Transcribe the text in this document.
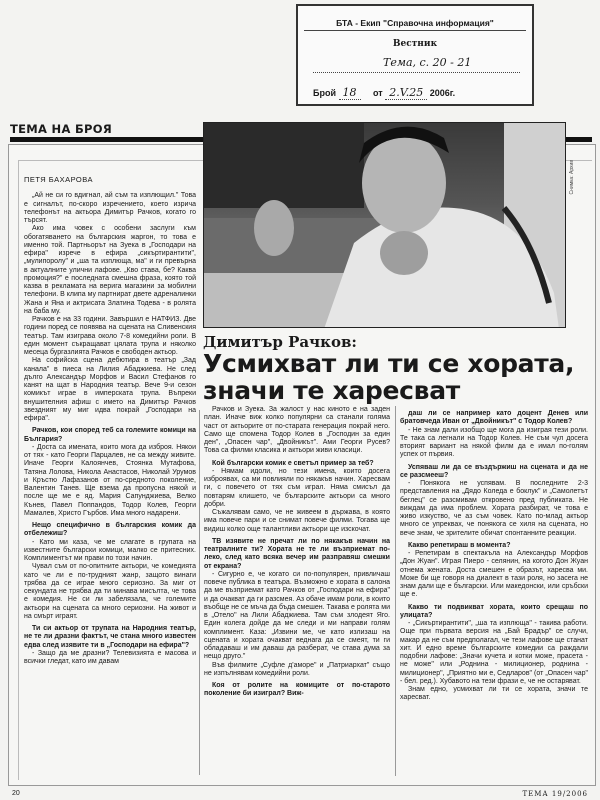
БТА - Екип "Справочна информация"
Вестник
Тема, с. 20 - 21
Брой 18 от 2.V.25 2006г.
ТЕМА НА БРОЯ
Снимка: Архив
Димитър Рачков:
Усмихват ли ти се хората, значи те харесват

ПЕТЯ БАХАРОВА

„Ай не си го вдигнал, ай съм та изплющил." Това е сигналът, по-скоро изречението, което изрича телефонът на актьора Димитър Рачков, когато го търсят.

Ако има човек с особени заслуги към обогатяването на българския жаргон, то това е именно той. Партньорът на Зуека в „Господари на ефира" изрече в ефира „сикъртирантити", „мулипоролу" и „ша та изплюща, ма" и ги превърна в актуалните улични лафове. „Кво става, бе? Каква промоция?" е последната смешна фраза, която той казва в рекламата на верига магазини за мобилни телефони. В клипа му партнират двете адреналинки Жана и Яна и актрисата Златина Тодева - в ролята на баба му.

Рачков е на 33 години. Завършил е НАТФИЗ. Две години поред се появява на сцената на Сливенския театър. Там изиграва около 7-8 комедийни роли. В един момент съкращават цялата трупа и няколко месеца бургазлията Рачков е свободен актьор.

На софийска сцена дебютира в театър „Зад канала" в пиеса на Лилия Абаджиева. Не след дълго Александър Морфов и Васил Стефанов го канят на щат в Народния театър. Вече 9-и сезон комикът играе в имперската трупа. Въпреки внушителния афиш с името на Димитър Рачков звездният му миг идва покрай „Господари на ефира".

Рачков, кои според теб са големите комици на България?

- Доста са имената, които мога да изброя. Някои от тях - като Георги Парцалев, не са между живите. Иначе Георги Калоянчев, Стоянка Мутафова, Татяна Лолова, Никола Анастасов, Николай Урумов и Кръстю Лафазанов от по-средното поколение, Валентин Танев. Ще взема да пропусна някой и после ще ме е яд. Мария Сапунджиева, Велко Кънев, Павел Поппандов, Тодор Колев, Георги Мамалев, Христо Гърбов. Има много надарени.

Нещо специфично в българския комик да отбележиш?

- Като ми каза, че ме слагате в групата на известните български комици, малко се притесних. Комплиментът ми прави по този начин.

Чувал съм от по-опитните актьори, че комедията като че ли е по-трудният жанр, защото винаги трябва да се играе много сериозно. За миг от секундата не трябва да ти минава мисълта, че това е комедия. Не си ли забелязала, че големите актьори на сцената са много сериозни. На живот и на смърт играят.

Ти си актьор от трупата на Народния театър, не те ли дразни фактът, че стана много известен едва след изявите ти в „Господари на ефира"?

- Защо да ме дразни? Телевизията е масова и всички гледат, като им давам

Рачков и Зуека. За жалост у нас киното е на заден план. Иначе виж колко популярни са станали голяма част от актьорите от по-старата генерация покрай него. Само ще спомена Тодор Колев в „Господин за един ден", „Опасен чар", „Двойникът". Ами Георги Русев? Това са филми класика и актьори живи класици.

Кой български комик е светъл пример за теб?

- Нямам идоли, но тези имена, които досега изброявах, са ми повлияли по някакъв начин. Харесвам ги, с повечето от тях съм играл. Няма смисъл да повтарям клишето, че българските актьори са много добри.

Съжалявам само, че не живеем в държава, в която има повече пари и се снимат повече филми. Тогава ще видиш колко още талантливи актьори ще изскочат.

ТВ изявите не пречат ли по някакъв начин на театралните ти? Хората не те ли възприемат по-леко, след като всяка вечер им разправяш смешки от екрана?

- Сигурно е, че когато си по-популярен, привличаш повече публика в театъра. Възможно е хората в салона да ме възприемат като Рачков от „Господари на ефира" и да очакват да ги разсмея. Аз обаче имам роли, в които въобще не се мъча да бъда смешен. Такава е ролята ми в „Отело" на Лили Абаджиева. Там съм злодеят Яго. Един колега дойде да ме следи и ми направи голям комплимент. Каза: „Извини ме, че като излизаш на сцената и хората очакват веднага да се смеят, ти ги обладаваш и им даваш да разберат, че става дума за нещо друго."

Във филмите „Суфле д'аморе" и „Патриархат" също не изпълнявам комедийни роли.

Коя от ролите на комиците от по-старото поколение би изиграл? Виж-

даш ли се например като доцент Денев или братовчеда Иван от „Двойникът" с Тодор Колев?

- Не знам дали изобщо ще мога да изиграя тези роли. Те така са легнали на Тодор Колев. Не съм чул досега вторият вариант на някой филм да е имал по-голям успех от първия.

Успяваш ли да се въздържиш на сцената и да не се разсмееш?

- Понякога не успявам. В последните 2-3 представления на „Дядо Коледа е боклук" и „Самолетът беглец" се разсмивам откровено пред публиката. Не виждам да има проблем. Хората разбират, че това е живо изкуство, че аз съм човек. Като по-млад актьор много се упреквах, че понякога се хиля на сцената, но вече знам, че зрителите обичат спонтанните реакции.

Какво репетираш в момента?

- Репетирам в спектакъла на Александър Морфов „Дон Жуан". Играя Пиеро - селянин, на когото Дон Жуан отнема жената. Доста смешен е образът, харесва ми. Може би ще говоря на диалект в тази роля, но засега не знам дали ще е български. Или македонски, или сръбски ще е.

Какво ти подвикват хората, които срещаш по улицата?

- „Сикъртирантити", „ша та изплюща" - такива работи. Още при първата версия на „Бай Брадър" се случи, макар да не съм предполагал, че тези лафове ще станат хит. И едно време българските комедии са раждали подобни лафове: „Значи кучета и котки може, прасета - не може" или „Роднина - милиционер, роднина - милиционер", „Приятно ми е, Седларов" (от „Опасен чар" - бел. ред.). Хубавото на тези фрази е, че не остаряват.

Знам едно, усмихват ли ти се хората, значи те харесват.

20	ТЕМА 19/2006
